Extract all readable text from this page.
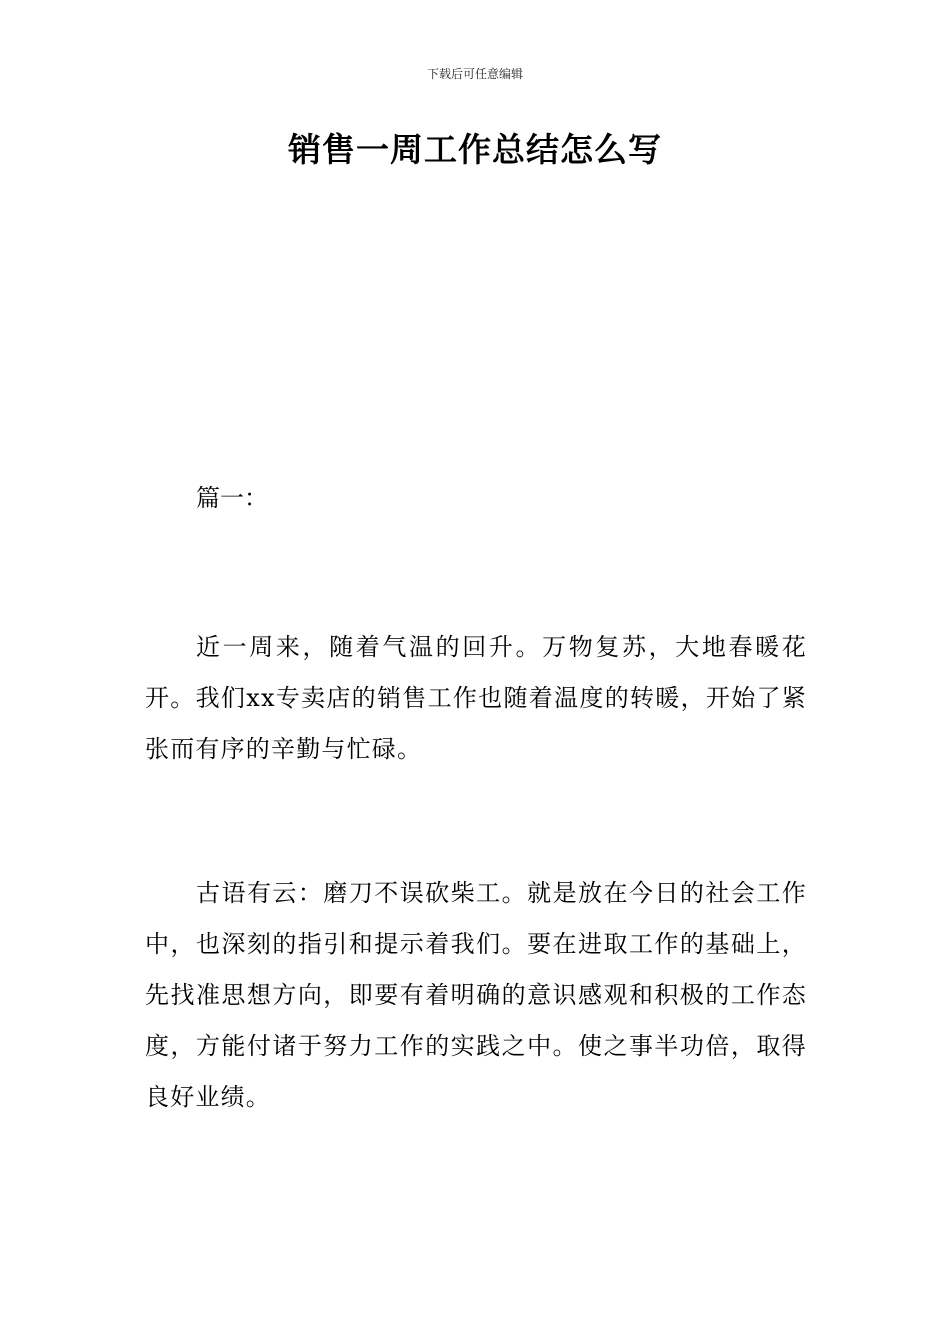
下载后可任意编辑
销售一周工作总结怎么写

篇一：

近一周来，随着气温的回升。万物复苏，大地春暖花开。我们xx专卖店的销售工作也随着温度的转暖，开始了紧张而有序的辛勤与忙碌。

古语有云：磨刀不误砍柴工。就是放在今日的社会工作中，也深刻的指引和提示着我们。要在进取工作的基础上，先找准思想方向，即要有着明确的意识感观和积极的工作态度，方能付诸于努力工作的实践之中。使之事半功倍，取得良好业绩。
